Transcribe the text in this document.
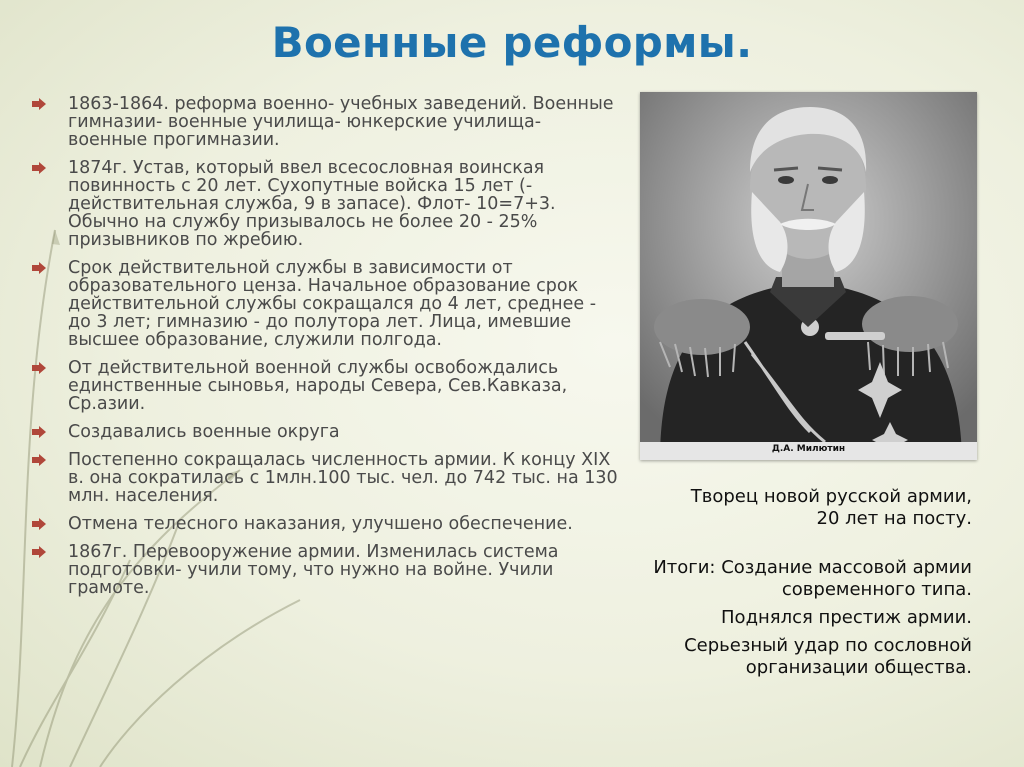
Военные реформы.
1863-1864. реформа военно- учебных заведений. Военные гимназии- военные училища- юнкерские училища- военные прогимназии.
1874г. Устав, который ввел всесословная воинская повинность с 20 лет. Сухопутные войска 15 лет (-действительная служба, 9 в запасе). Флот- 10=7+3. Обычно на службу призывалось не более 20 - 25% призывников по жребию.
Срок действительной службы в зависимости от образовательного ценза. Начальное образование срок действительной службы сокращался до 4 лет, среднее - до 3 лет; гимназию - до полутора лет. Лица, имевшие высшее образование, служили полгода.
От действительной военной службы освобождались единственные сыновья, народы Севера, Сев.Кавказа, Ср.азии.
Создавались военные округа
Постепенно сокращалась численность армии. К концу XIX в. она сократилась с 1млн.100 тыс. чел. до 742 тыс. на 130 млн. населения.
Отмена телесного наказания, улучшено обеспечение.
1867г. Перевооружение армии. Изменилась система подготовки- учили тому, что нужно на войне. Учили грамоте.
Д.А. Милютин
Творец новой русской армии, 20 лет на посту.
Итоги: Создание массовой армии современного типа.
Поднялся престиж армии.
Серьезный удар по сословной организации общества.
